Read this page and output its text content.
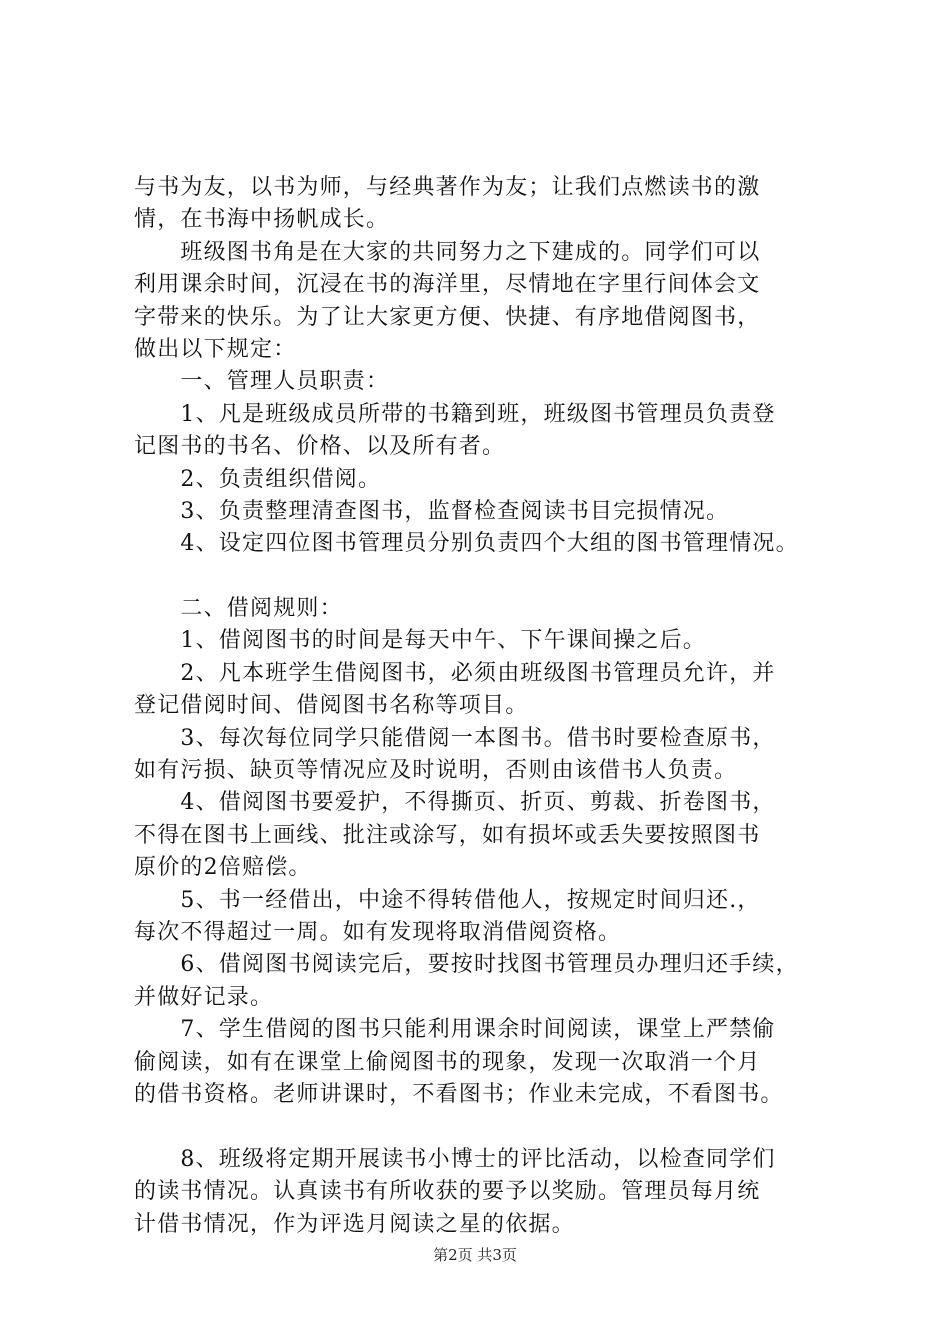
与书为友，以书为师，与经典著作为友；让我们点燃读书的激
情，在书海中扬帆成长。
　　班级图书角是在大家的共同努力之下建成的。同学们可以
利用课余时间，沉浸在书的海洋里，尽情地在字里行间体会文
字带来的快乐。为了让大家更方便、快捷、有序地借阅图书，
做出以下规定：
　　一、管理人员职责：
　　1、凡是班级成员所带的书籍到班，班级图书管理员负责登
记图书的书名、价格、以及所有者。
　　2、负责组织借阅。
　　3、负责整理清查图书，监督检查阅读书目完损情况。
　　4、设定四位图书管理员分别负责四个大组的图书管理情况。
　　二、借阅规则：
　　1、借阅图书的时间是每天中午、下午课间操之后。
　　2、凡本班学生借阅图书，必须由班级图书管理员允许，并
登记借阅时间、借阅图书名称等项目。
　　3、每次每位同学只能借阅一本图书。借书时要检查原书，
如有污损、缺页等情况应及时说明，否则由该借书人负责。
　　4、借阅图书要爱护，不得撕页、折页、剪裁、折卷图书，
不得在图书上画线、批注或涂写，如有损坏或丢失要按照图书
原价的2倍赔偿。
　　5、书一经借出，中途不得转借他人，按规定时间归还.，
每次不得超过一周。如有发现将取消借阅资格。
　　6、借阅图书阅读完后，要按时找图书管理员办理归还手续，
并做好记录。
　　7、学生借阅的图书只能利用课余时间阅读，课堂上严禁偷
偷阅读，如有在课堂上偷阅图书的现象，发现一次取消一个月
的借书资格。老师讲课时，不看图书；作业未完成，不看图书。
　　8、班级将定期开展读书小博士的评比活动，以检查同学们
的读书情况。认真读书有所收获的要予以奖励。管理员每月统
计借书情况，作为评选月阅读之星的依据。
第2页 共3页
